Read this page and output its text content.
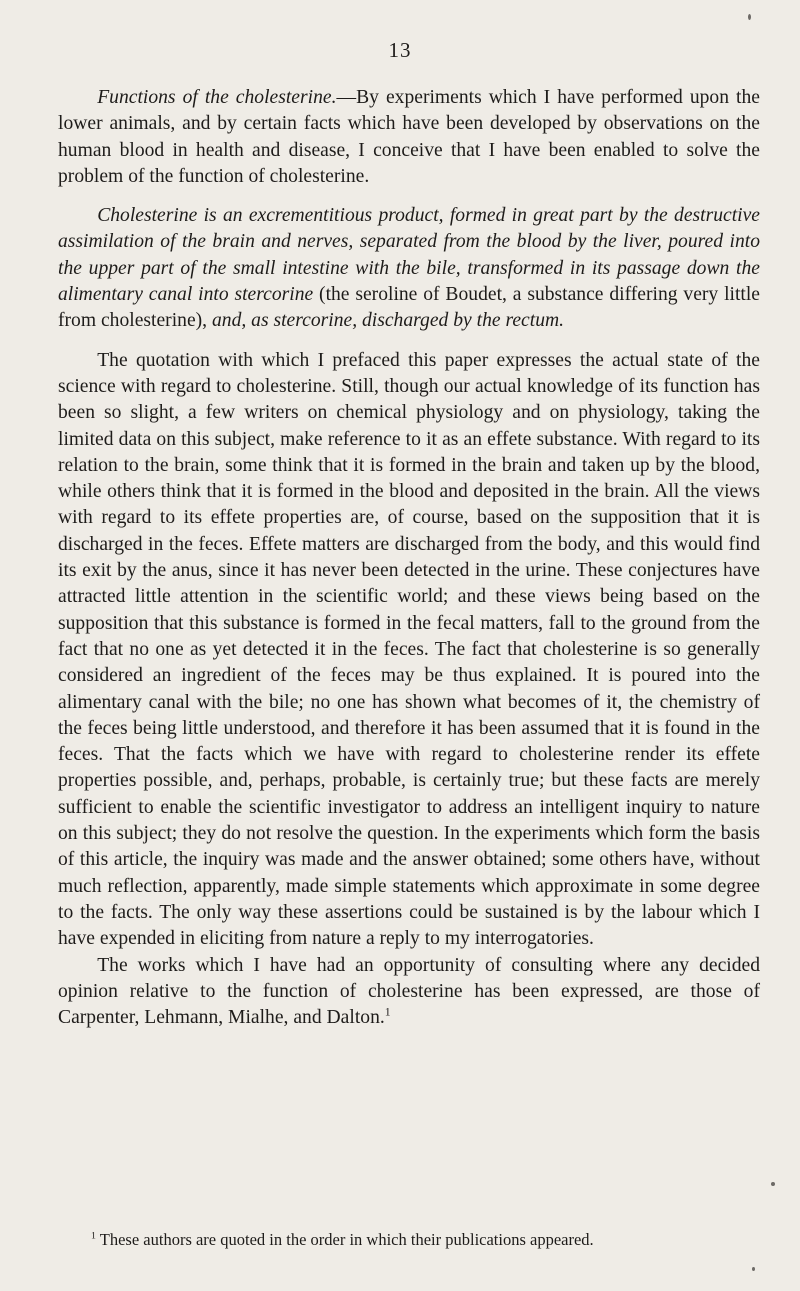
13

Functions of the cholesterine.—By experiments which I have performed upon the lower animals, and by certain facts which have been developed by observations on the human blood in health and disease, I conceive that I have been enabled to solve the problem of the function of cholesterine.

Cholesterine is an excrementitious product, formed in great part by the destructive assimilation of the brain and nerves, separated from the blood by the liver, poured into the upper part of the small intestine with the bile, transformed in its passage down the alimentary canal into stercorine (the seroline of Boudet, a substance differing very little from cholesterine), and, as stercorine, discharged by the rectum.

The quotation with which I prefaced this paper expresses the actual state of the science with regard to cholesterine. Still, though our actual knowledge of its function has been so slight, a few writers on chemical physiology and on physiology, taking the limited data on this subject, make reference to it as an effete substance. With regard to its relation to the brain, some think that it is formed in the brain and taken up by the blood, while others think that it is formed in the blood and deposited in the brain. All the views with regard to its effete properties are, of course, based on the supposition that it is discharged in the feces. Effete matters are discharged from the body, and this would find its exit by the anus, since it has never been detected in the urine. These conjectures have attracted little attention in the scientific world; and these views being based on the supposition that this substance is formed in the fecal matters, fall to the ground from the fact that no one as yet detected it in the feces. The fact that cholesterine is so generally considered an ingredient of the feces may be thus explained. It is poured into the alimentary canal with the bile; no one has shown what becomes of it, the chemistry of the feces being little understood, and therefore it has been assumed that it is found in the feces. That the facts which we have with regard to cholesterine render its effete properties possible, and, perhaps, probable, is certainly true; but these facts are merely sufficient to enable the scientific investigator to address an intelligent inquiry to nature on this subject; they do not resolve the question. In the experiments which form the basis of this article, the inquiry was made and the answer obtained; some others have, without much reflection, apparently, made simple statements which approximate in some degree to the facts. The only way these assertions could be sustained is by the labour which I have expended in eliciting from nature a reply to my interrogatories.

The works which I have had an opportunity of consulting where any decided opinion relative to the function of cholesterine has been expressed, are those of Carpenter, Lehmann, Mialhe, and Dalton.$^1$

$^1$ These authors are quoted in the order in which their publications appeared.
